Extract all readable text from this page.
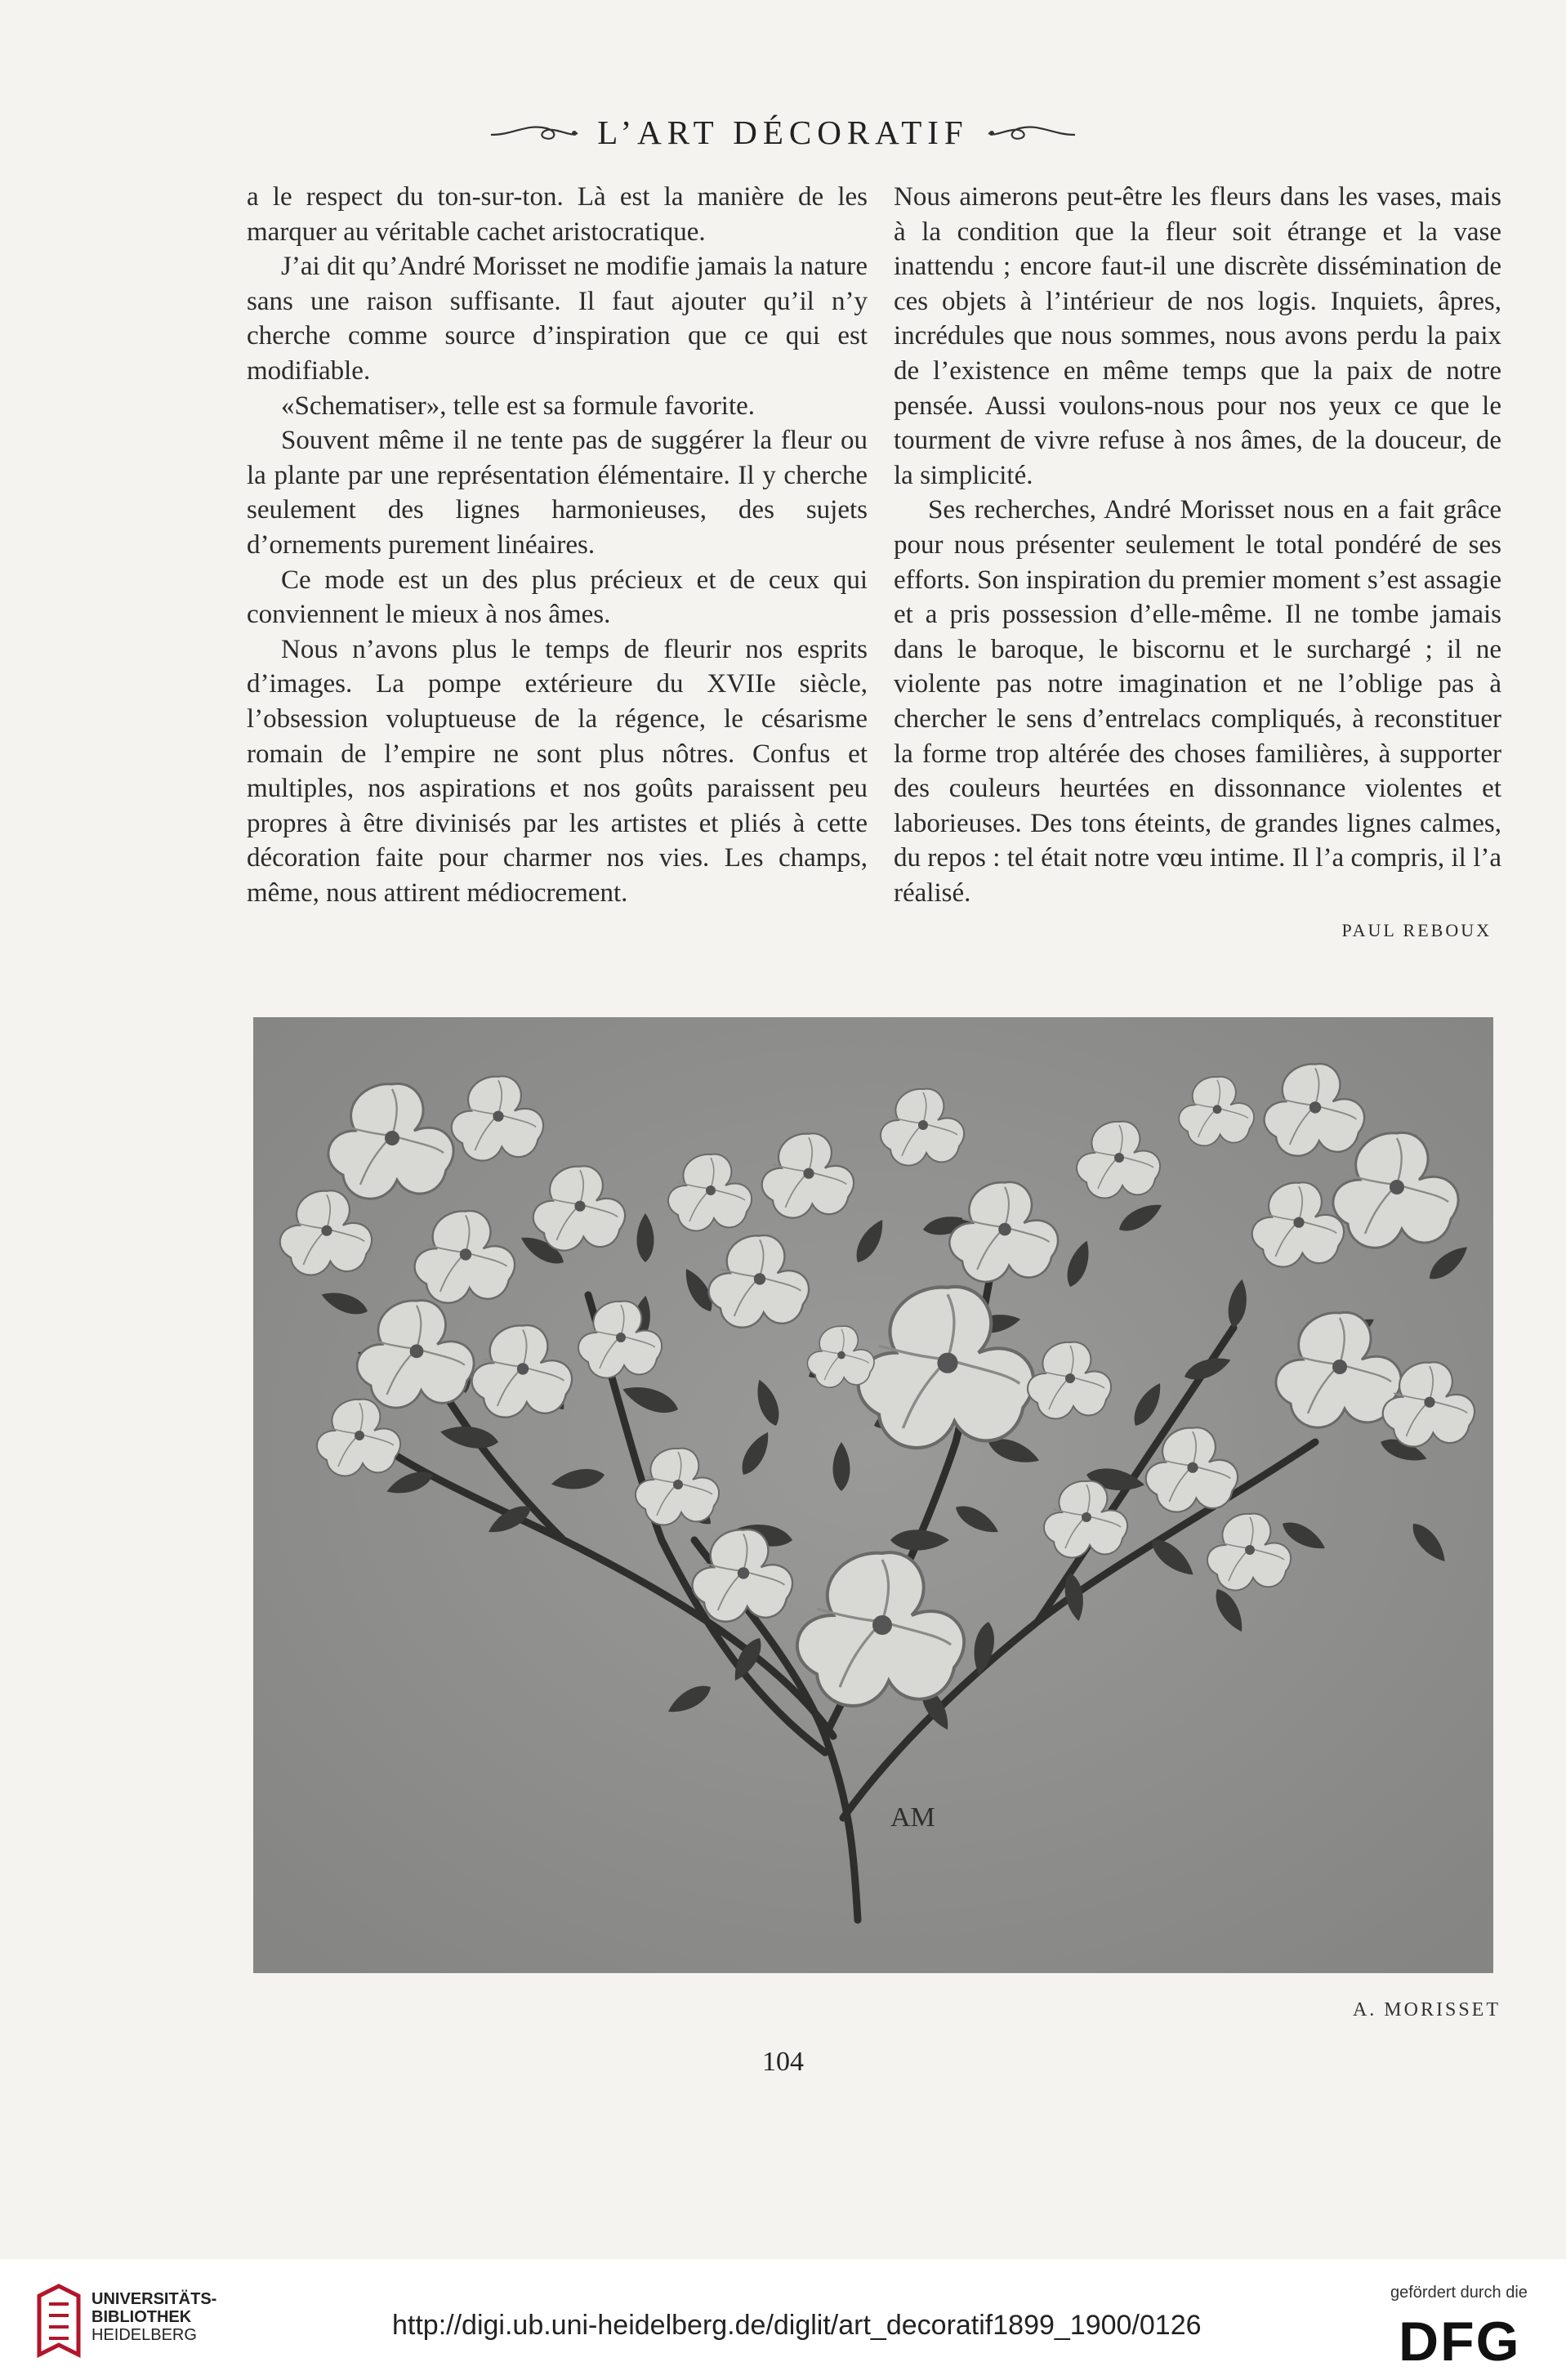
L’ART DÉCORATIF

a le respect du ton-sur-ton. Là est la manière de les marquer au véritable cachet aristocratique.

J’ai dit qu’André Morisset ne modifie jamais la nature sans une raison suffisante. Il faut ajouter qu’il n’y cherche comme source d’inspiration que ce qui est modifiable.

«Schematiser», telle est sa formule favorite.

Souvent même il ne tente pas de suggérer la fleur ou la plante par une représentation élémentaire. Il y cherche seulement des lignes harmonieuses, des sujets d’ornements purement linéaires.

Ce mode est un des plus précieux et de ceux qui conviennent le mieux à nos âmes.

Nous n’avons plus le temps de fleurir nos esprits d’images. La pompe extérieure du XVIIe siècle, l’obsession voluptueuse de la régence, le césarisme romain de l’empire ne sont plus nôtres. Confus et multiples, nos aspirations et nos goûts paraissent peu propres à être divinisés par les artistes et pliés à cette décoration faite pour charmer nos vies. Les champs, même, nous attirent médiocrement.

Nous aimerons peut-être les fleurs dans les vases, mais à la condition que la fleur soit étrange et la vase inattendu ; encore faut-il une discrète dissémination de ces objets à l’intérieur de nos logis. Inquiets, âpres, incrédules que nous sommes, nous avons perdu la paix de l’existence en même temps que la paix de notre pensée. Aussi voulons-nous pour nos yeux ce que le tourment de vivre refuse à nos âmes, de la douceur, de la simplicité.

Ses recherches, André Morisset nous en a fait grâce pour nous présenter seulement le total pondéré de ses efforts. Son inspiration du premier moment s’est assagie et a pris possession d’elle-même. Il ne tombe jamais dans le baroque, le biscornu et le surchargé ; il ne violente pas notre imagination et ne l’oblige pas à chercher le sens d’entrelacs compliqués, à reconstituer la forme trop altérée des choses familières, à supporter des couleurs heurtées en dissonnance violentes et laborieuses. Des tons éteints, de grandes lignes calmes, du repos : tel était notre vœu intime. Il l’a compris, il l’a réalisé.

PAUL REBOUX
AM
A. MORISSET
104
UNIVERSITÄTS-
BIBLIOTHEK
HEIDELBERG	http://digi.ub.uni-heidelberg.de/diglit/art_decoratif1899_1900/0126
gefördert durch die
DFG
